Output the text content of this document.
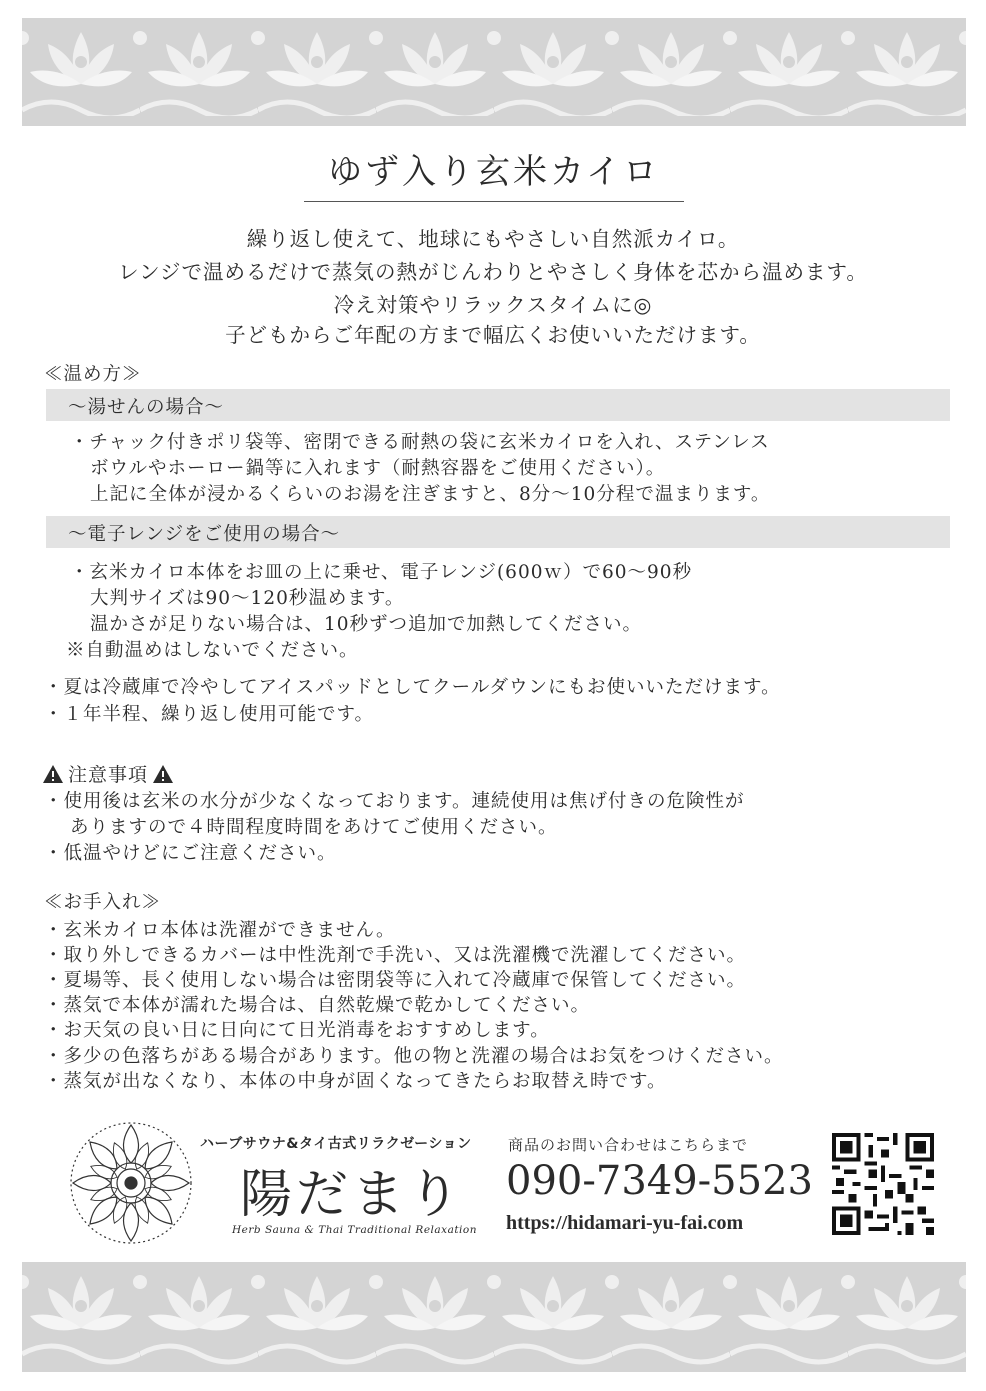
ゆず入り玄米カイロ
繰り返し使えて、地球にもやさしい自然派カイロ。
レンジで温めるだけで蒸気の熱がじんわりとやさしく身体を芯から温めます。
冷え対策やリラックスタイムに◎
子どもからご年配の方まで幅広くお使いいただけます。
≪温め方≫
〜湯せんの場合〜
・チャック付きポリ袋等、密閉できる耐熱の袋に玄米カイロを入れ、ステンレス
ボウルやホーロー鍋等に入れます（耐熱容器をご使用ください）。
上記に全体が浸かるくらいのお湯を注ぎますと、8分〜10分程で温まります。
〜電子レンジをご使用の場合〜
・玄米カイロ本体をお皿の上に乗せ、電子レンジ(600ｗ）で60〜90秒
大判サイズは90〜120秒温めます。
温かさが足りない場合は、10秒ずつ追加で加熱してください。
※自動温めはしないでください。
・夏は冷蔵庫で冷やしてアイスパッドとしてクールダウンにもお使いいただけます。
・１年半程、繰り返し使用可能です。
注意事項
・使用後は玄米の水分が少なくなっております。連続使用は焦げ付きの危険性が
ありますので４時間程度時間をあけてご使用ください。
・低温やけどにご注意ください。
≪お手入れ≫
・玄米カイロ本体は洗濯ができません。
・取り外しできるカバーは中性洗剤で手洗い、又は洗濯機で洗濯してください。
・夏場等、長く使用しない場合は密閉袋等に入れて冷蔵庫で保管してください。
・蒸気で本体が濡れた場合は、自然乾燥で乾かしてください。
・お天気の良い日に日向にて日光消毒をおすすめします。
・多少の色落ちがある場合があります。他の物と洗濯の場合はお気をつけください。
・蒸気が出なくなり、本体の中身が固くなってきたらお取替え時です。
ハーブサウナ&タイ古式リラクゼーション
陽だまり
Herb Sauna & Thai Traditional Relaxation
商品のお問い合わせはこちらまで
090-7349-5523
https://hidamari-yu-fai.com
